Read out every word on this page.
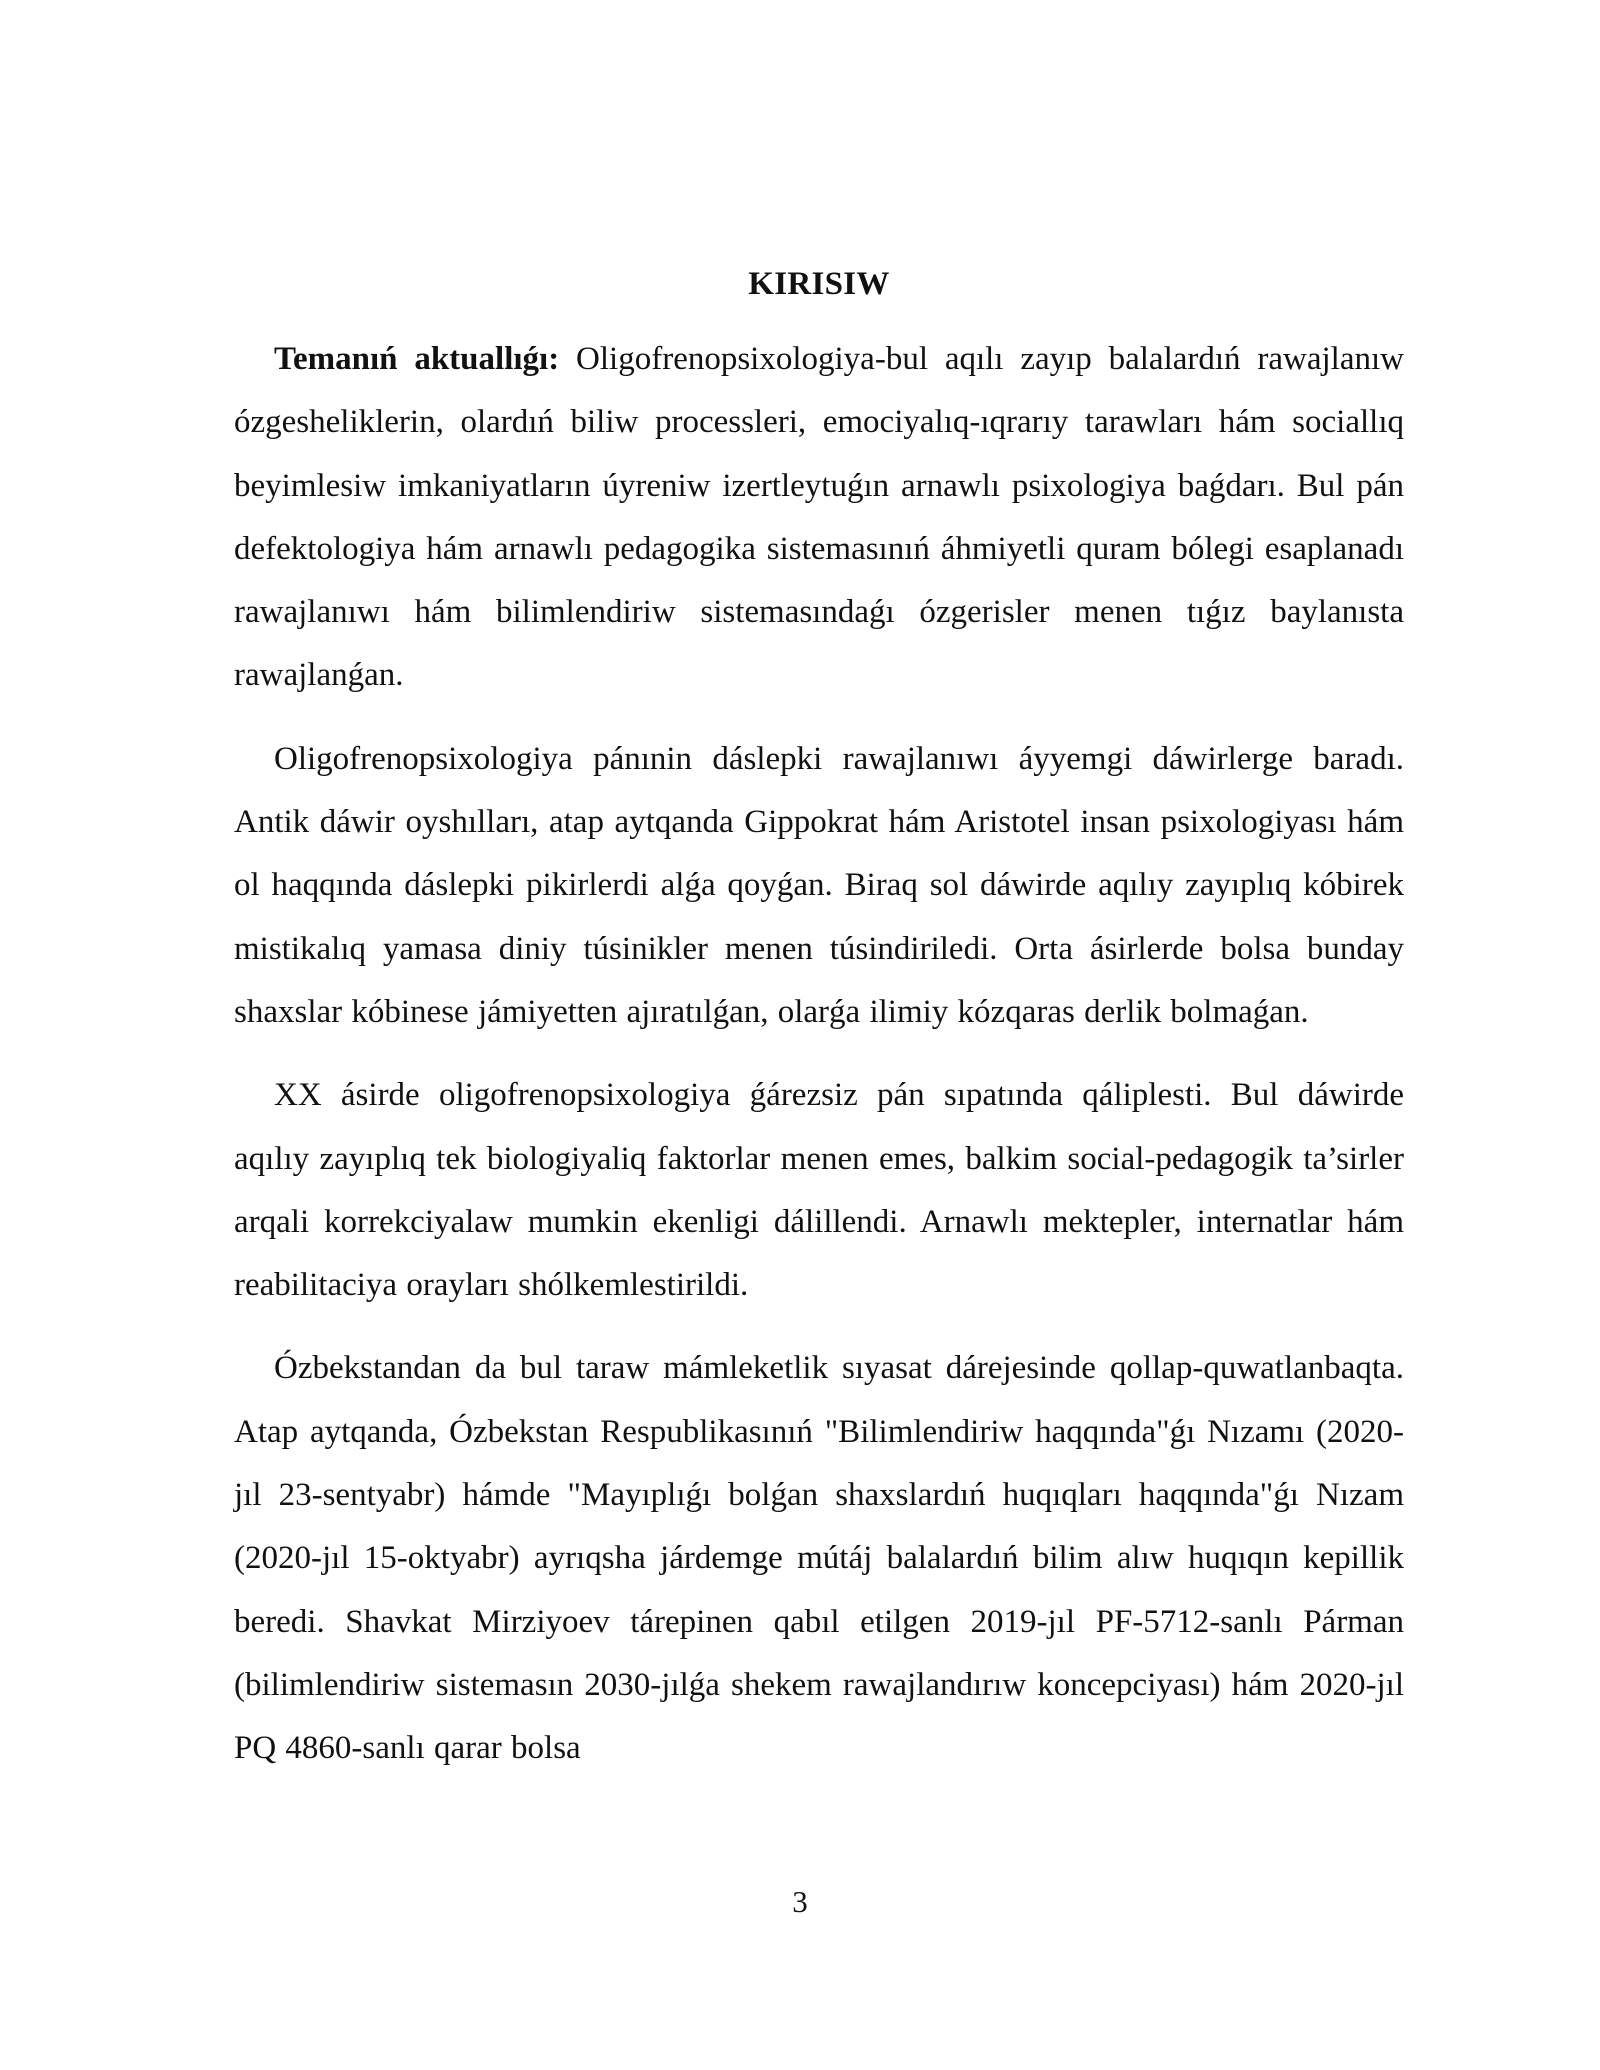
KIRISIW

Temanıń aktuallıǵı: Oligofrenopsixologiya-bul aqılı zayıp balalardıń rawajlanıw ózgesheliklerin, olardıń biliw processleri, emociyalıq-ıqrarıy tarawları hám sociallıq beyimlesiw imkaniyatların úyreniw izertleytuǵın arnawlı psixologiya baǵdarı. Bul pán defektologiya hám arnawlı pedagogika sistemasınıń áhmiyetli quram bólegi esaplanadı rawajlanıwı hám bilimlendiriw sistemasındaǵı ózgerisler menen tıǵız baylanısta rawajlanǵan.

Oligofrenopsixologiya pánınin dáslepki rawajlanıwı áyyemgi dáwirlerge baradı. Antik dáwir oyshılları, atap aytqanda Gippokrat hám Aristotel insan psixologiyası hám ol haqqında dáslepki pikirlerdi alǵa qoyǵan. Biraq sol dáwirde aqılıy zayıplıq kóbirek mistikalıq yamasa diniy túsinikler menen túsindiriledi. Orta ásirlerde bolsa bunday shaxslar kóbinese jámiyetten ajıratılǵan, olarǵa ilimiy kózqaras derlik bolmaǵan.

XX ásirde oligofrenopsixologiya ǵárezsiz pán sıpatında qáliplesti. Bul dáwirde aqılıy zayıplıq tek biologiyaliq faktorlar menen emes, balkim social-pedagogik ta’sirler arqali korrekciyalaw mumkin ekenligi dálillendi. Arnawlı mektepler, internatlar hám reabilitaciya orayları shólkemlestirildi.

Ózbekstandan da bul taraw mámleketlik sıyasat dárejesinde qollap-quwatlanbaqta. Atap aytqanda, Ózbekstan Respublikasınıń "Bilimlendiriw haqqında"ǵı Nızamı (2020-jıl 23-sentyabr) hámde "Mayıplıǵı bolǵan shaxslardıń huqıqları haqqında"ǵı Nızam (2020-jıl 15-oktyabr) ayrıqsha járdemge mútáj balalardıń bilim alıw huqıqın kepillik beredi. Shavkat Mirziyoev tárepinen qabıl etilgen 2019-jıl PF-5712-sanlı Párman (bilimlendiriw sistemasın 2030-jılǵa shekem rawajlandırıw koncepciyası) hám 2020-jıl PQ 4860-sanlı qarar bolsa

3
